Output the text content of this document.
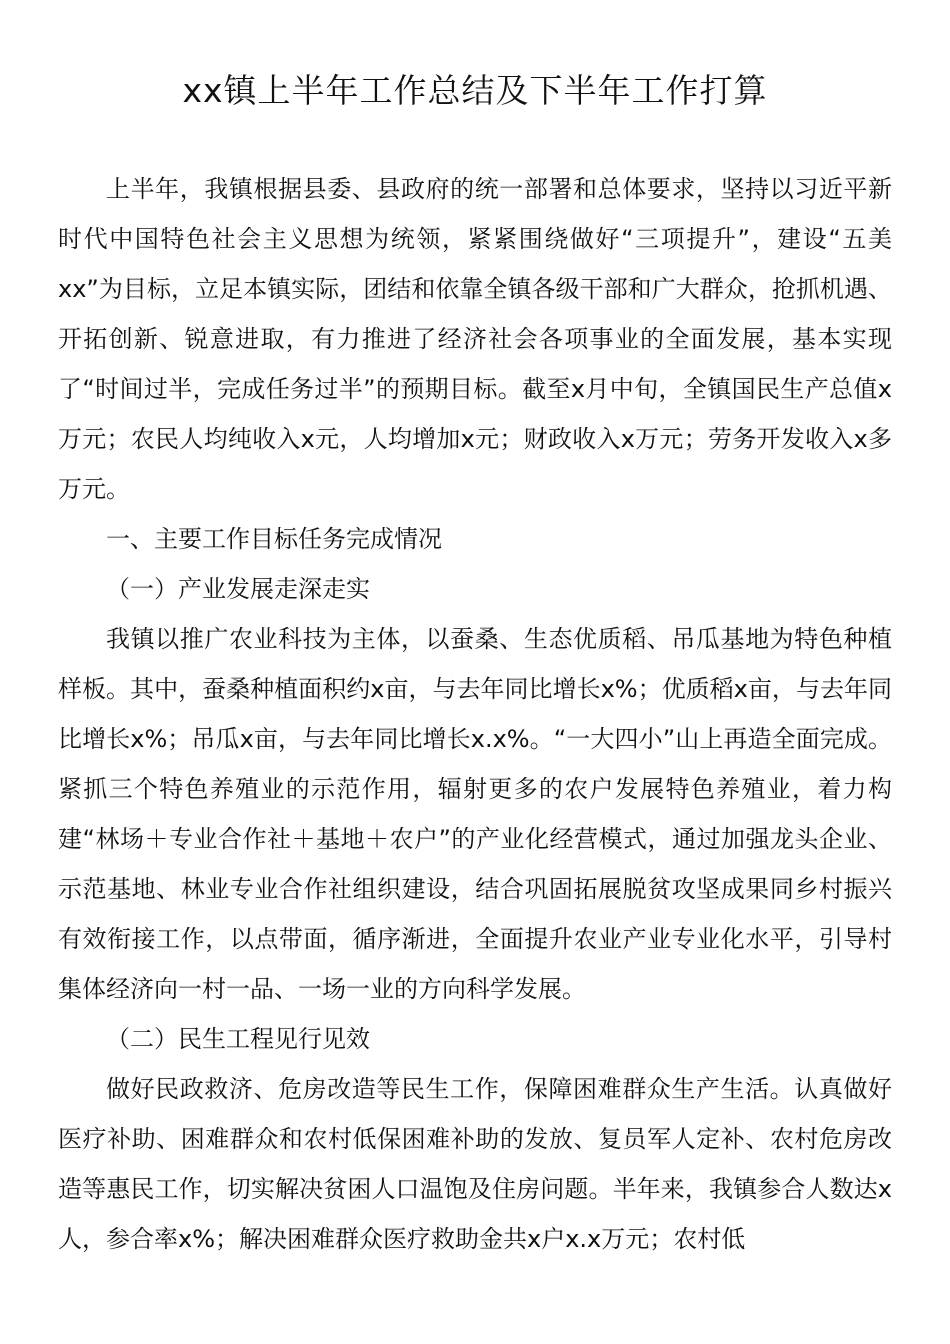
xx镇上半年工作总结及下半年工作打算

上半年，我镇根据县委、县政府的统一部署和总体要求，坚持以习近平新时代中国特色社会主义思想为统领，紧紧围绕做好“三项提升”，建设“五美xx”为目标，立足本镇实际，团结和依靠全镇各级干部和广大群众，抢抓机遇、开拓创新、锐意进取，有力推进了经济社会各项事业的全面发展，基本实现了“时间过半，完成任务过半”的预期目标。截至x月中旬，全镇国民生产总值x万元；农民人均纯收入x元，人均增加x元；财政收入x万元；劳务开发收入x多万元。

一、主要工作目标任务完成情况

（一）产业发展走深走实

我镇以推广农业科技为主体，以蚕桑、生态优质稻、吊瓜基地为特色种植样板。其中，蚕桑种植面积约x亩，与去年同比增长x%；优质稻x亩，与去年同比增长x%；吊瓜x亩，与去年同比增长x.x%。“一大四小”山上再造全面完成。紧抓三个特色养殖业的示范作用，辐射更多的农户发展特色养殖业，着力构建“林场＋专业合作社＋基地＋农户”的产业化经营模式，通过加强龙头企业、示范基地、林业专业合作社组织建设，结合巩固拓展脱贫攻坚成果同乡村振兴有效衔接工作，以点带面，循序渐进，全面提升农业产业专业化水平，引导村集体经济向一村一品、一场一业的方向科学发展。

（二）民生工程见行见效

做好民政救济、危房改造等民生工作，保障困难群众生产生活。认真做好医疗补助、困难群众和农村低保困难补助的发放、复员军人定补、农村危房改造等惠民工作，切实解决贫困人口温饱及住房问题。半年来，我镇参合人数达x人，参合率x%；解决困难群众医疗救助金共x户x.x万元；农村低
